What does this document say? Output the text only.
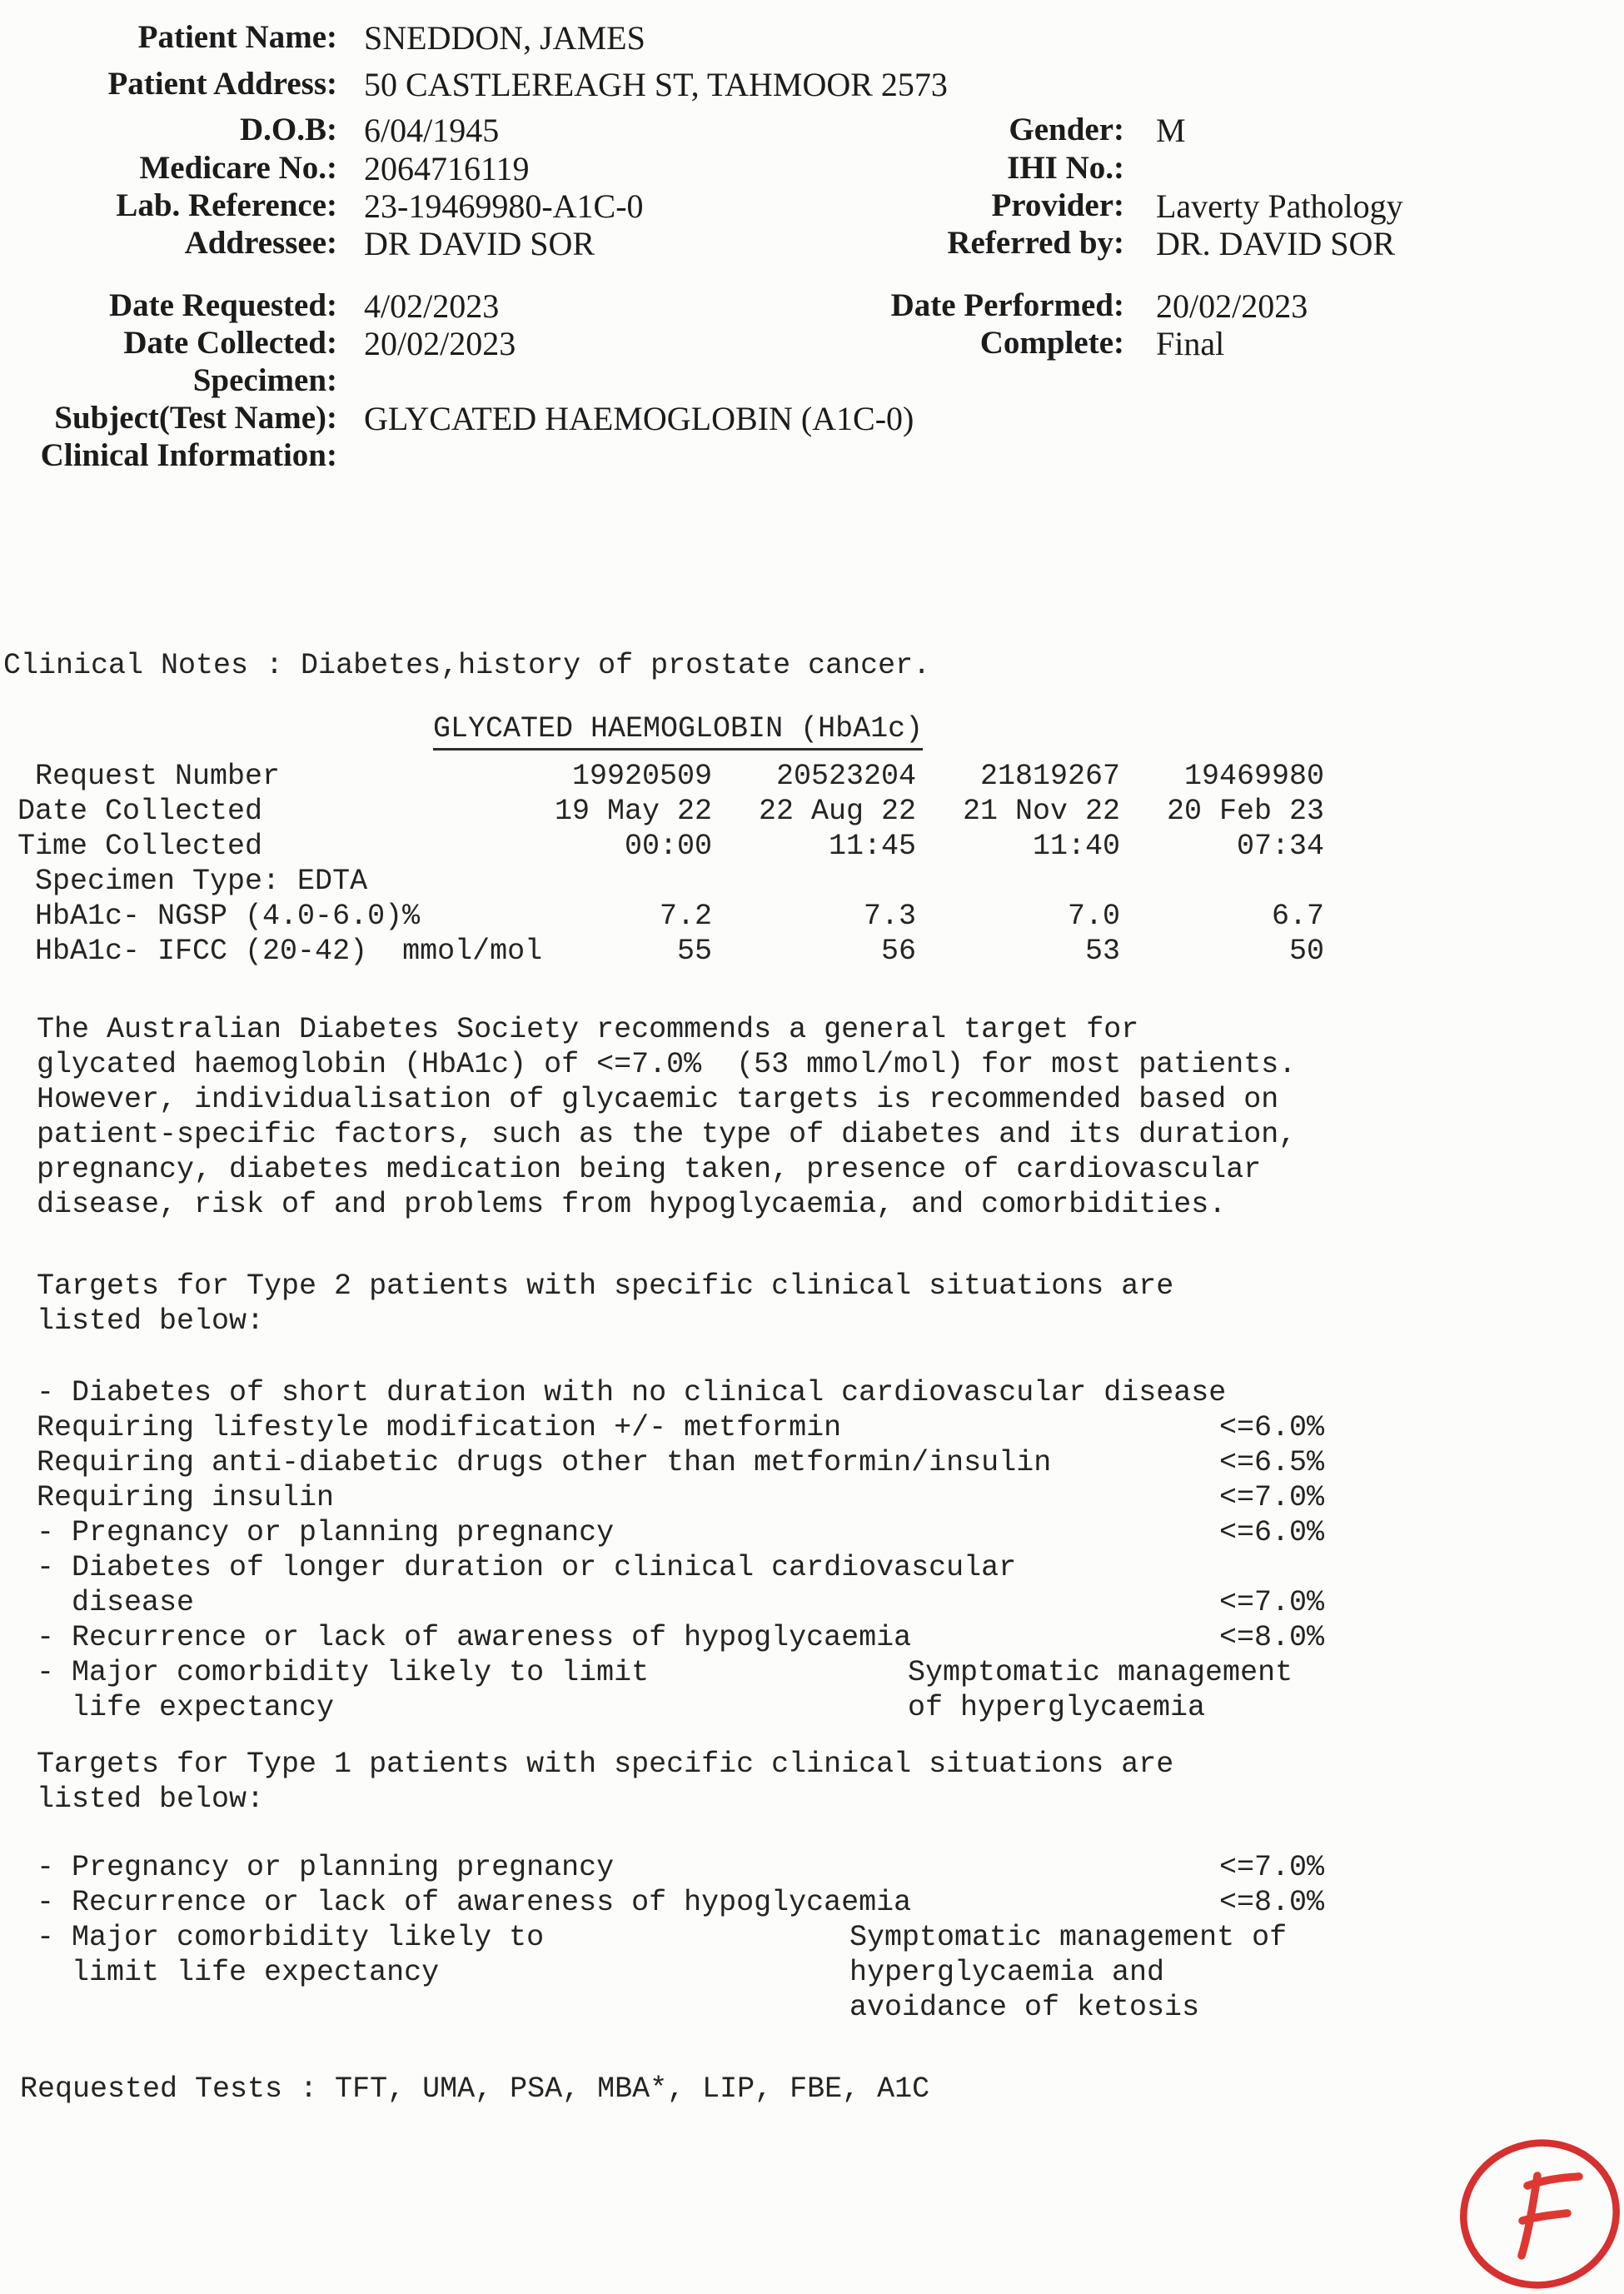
Patient Name: SNEDDON, JAMES
Patient Address: 50 CASTLEREAGH ST, TAHMOOR 2573
D.O.B: 6/04/1945	Gender: M
Medicare No.: 2064716119	IHI No.:
Lab. Reference: 23-19469980-A1C-0	Provider: Laverty Pathology
Addressee: DR DAVID SOR	Referred by: DR. DAVID SOR
Date Requested: 4/02/2023	Date Performed: 20/02/2023
Date Collected: 20/02/2023	Complete: Final
Specimen:
Subject(Test Name): GLYCATED HAEMOGLOBIN (A1C-0)
Clinical Information:
Clinical Notes : Diabetes,history of prostate cancer.
GLYCATED HAEMOGLOBIN (HbA1c)
Request Number	19920509	20523204	21819267	19469980
Date Collected	19 May 22	22 Aug 22	21 Nov 22	20 Feb 23
Time Collected	00:00	11:45	11:40	07:34
Specimen Type: EDTA
HbA1c- NGSP (4.0-6.0)%	7.2	7.3	7.0	6.7
HbA1c- IFCC (20-42)  mmol/mol	55	56	53	50
The Australian Diabetes Society recommends a general target for
glycated haemoglobin (HbA1c) of <=7.0%  (53 mmol/mol) for most patients.
However, individualisation of glycaemic targets is recommended based on
patient-specific factors, such as the type of diabetes and its duration,
pregnancy, diabetes medication being taken, presence of cardiovascular
disease, risk of and problems from hypoglycaemia, and comorbidities.
Targets for Type 2 patients with specific clinical situations are
listed below:
- Diabetes of short duration with no clinical cardiovascular disease
Requiring lifestyle modification +/- metformin	<=6.0%
Requiring anti-diabetic drugs other than metformin/insulin	<=6.5%
Requiring insulin	<=7.0%
- Pregnancy or planning pregnancy	<=6.0%
- Diabetes of longer duration or clinical cardiovascular
disease	<=7.0%
- Recurrence or lack of awareness of hypoglycaemia	<=8.0%
- Major comorbidity likely to limit	Symptomatic management
life expectancy	of hyperglycaemia
Targets for Type 1 patients with specific clinical situations are
listed below:
- Pregnancy or planning pregnancy	<=7.0%
- Recurrence or lack of awareness of hypoglycaemia	<=8.0%
- Major comorbidity likely to	Symptomatic management of
limit life expectancy	hyperglycaemia and
avoidance of ketosis
Requested Tests : TFT, UMA, PSA, MBA*, LIP, FBE, A1C
